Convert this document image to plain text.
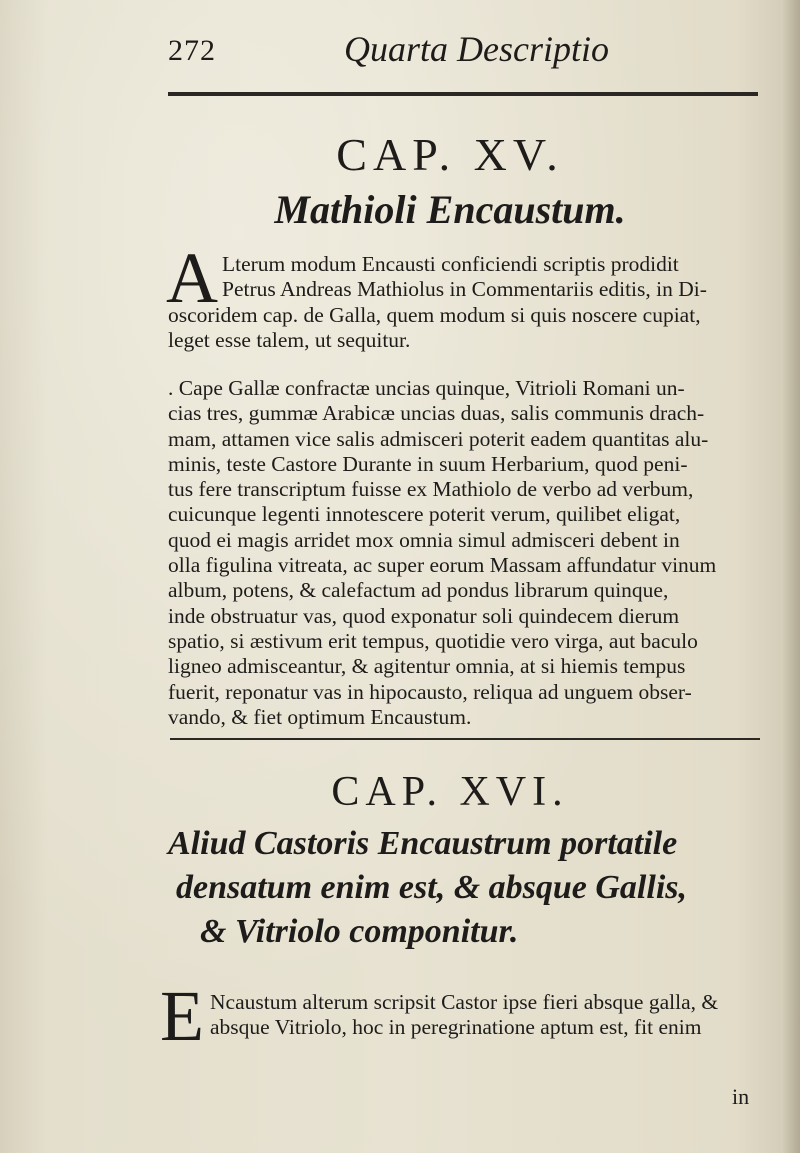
272	Quarta Descriptio
CAP. XV.
Mathioli Encaustum.
A Lterum modum Encausti conficiendi scriptis prodidit
Petrus Andreas Mathiolus in Commentariis editis, in Di-
oscoridem cap. de Galla, quem modum si quis noscere cupiat,
leget esse talem, ut sequitur.
. Cape Gallæ confractæ uncias quinque, Vitrioli Romani un-
cias tres, gummæ Arabicæ uncias duas, salis communis drach-
mam, attamen vice salis admisceri poterit eadem quantitas alu-
minis, teste Castore Durante in suum Herbarium, quod peni-
tus fere transcriptum fuisse ex Mathiolo de verbo ad verbum,
cuicunque legenti innotescere poterit verum, quilibet eligat,
quod ei magis arridet mox omnia simul admisceri debent in
olla figulina vitreata, ac super eorum Massam affundatur vinum
album, potens, & calefactum ad pondus librarum quinque,
inde obstruatur vas, quod exponatur soli quindecem dierum
spatio, si æstivum erit tempus, quotidie vero virga, aut baculo
ligneo admisceantur, & agitentur omnia, at si hiemis tempus
fuerit, reponatur vas in hipocausto, reliqua ad unguem obser-
vando, & fiet optimum Encaustum.
CAP. XVI.
Aliud Castoris Encaustrum portatile
densatum enim est, & absque Gallis,
& Vitriolo componitur.
E Ncaustum alterum scripsit Castor ipse fieri absque galla, &
absque Vitriolo, hoc in peregrinatione aptum est, fit enim
in
